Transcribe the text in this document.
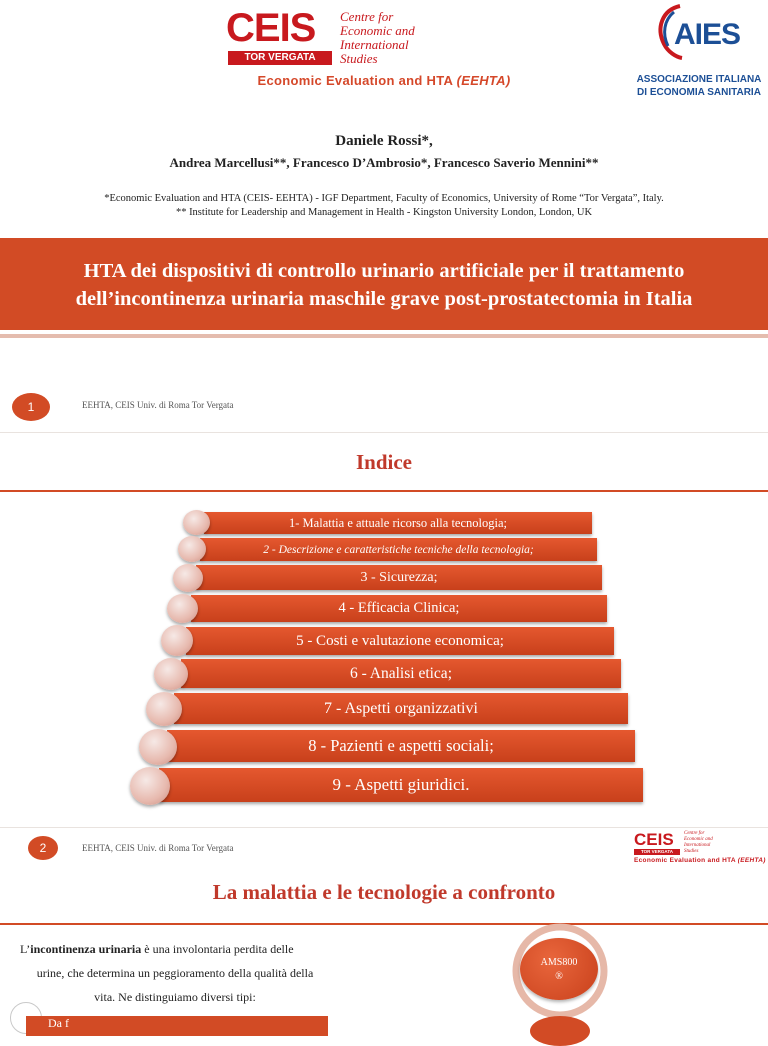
CEIS
TOR VERGATA
Centre for
Economic and
International
Studies
Economic Evaluation and HTA (EEHTA)
AIES
ASSOCIAZIONE ITALIANA
DI ECONOMIA SANITARIA
Daniele Rossi*,
Andrea Marcellusi**, Francesco D’Ambrosio*, Francesco Saverio Mennini**
*Economic Evaluation and HTA (CEIS- EEHTA) - IGF Department, Faculty of Economics, University of Rome “Tor Vergata”, Italy.
** Institute for Leadership and Management in Health - Kingston University London, London, UK
HTA dei dispositivi di controllo urinario artificiale per il trattamento
dell’incontinenza urinaria maschile grave post-prostatectomia in Italia
1	EEHTA, CEIS Univ. di Roma Tor Vergata
Indice
1- Malattia e attuale ricorso alla tecnologia;
2 - Descrizione e caratteristiche tecniche della tecnologia;
3 - Sicurezza;
4 - Efficacia Clinica;
5 - Costi e valutazione economica;
6 - Analisi etica;
7 - Aspetti organizzativi
8 - Pazienti e aspetti sociali;
9 - Aspetti giuridici.
2	EEHTA, CEIS Univ. di Roma Tor Vergata	CEIS
TOR VERGATA
Centre for
Economic and
International
Studies
Economic Evaluation and HTA (EEHTA)
La malattia e le tecnologie a confronto
L’incontinenza urinaria è una involontaria perdita delle
urine, che determina un peggioramento della qualità della
vita. Ne distinguiamo diversi tipi:
Da f
AMS800
®
